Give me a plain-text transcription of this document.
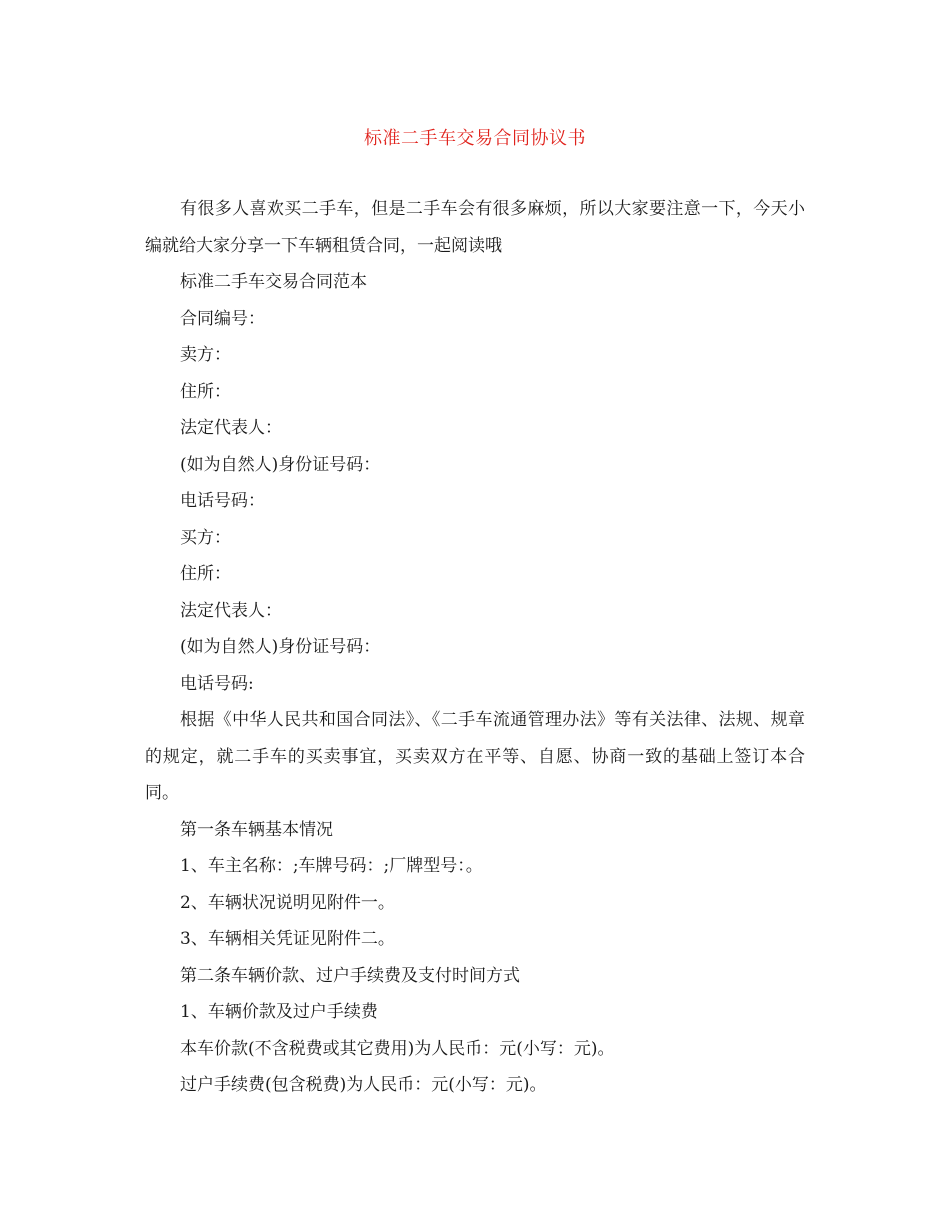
标准二手车交易合同协议书

有很多人喜欢买二手车，但是二手车会有很多麻烦，所以大家要注意一下，今天小编就给大家分享一下车辆租赁合同，一起阅读哦

标准二手车交易合同范本

合同编号：

卖方：

住所：

法定代表人：

(如为自然人)身份证号码：

电话号码：

买方：

住所：

法定代表人：

(如为自然人)身份证号码：

电话号码:

根据《中华人民共和国合同法》、《二手车流通管理办法》等有关法律、法规、规章的规定，就二手车的买卖事宜，买卖双方在平等、自愿、协商一致的基础上签订本合同。

第一条车辆基本情况

1、车主名称：;车牌号码：;厂牌型号：。

2、车辆状况说明见附件一。

3、车辆相关凭证见附件二。

第二条车辆价款、过户手续费及支付时间方式

1、车辆价款及过户手续费

本车价款(不含税费或其它费用)为人民币：元(小写：元)。

过户手续费(包含税费)为人民币：元(小写：元)。
